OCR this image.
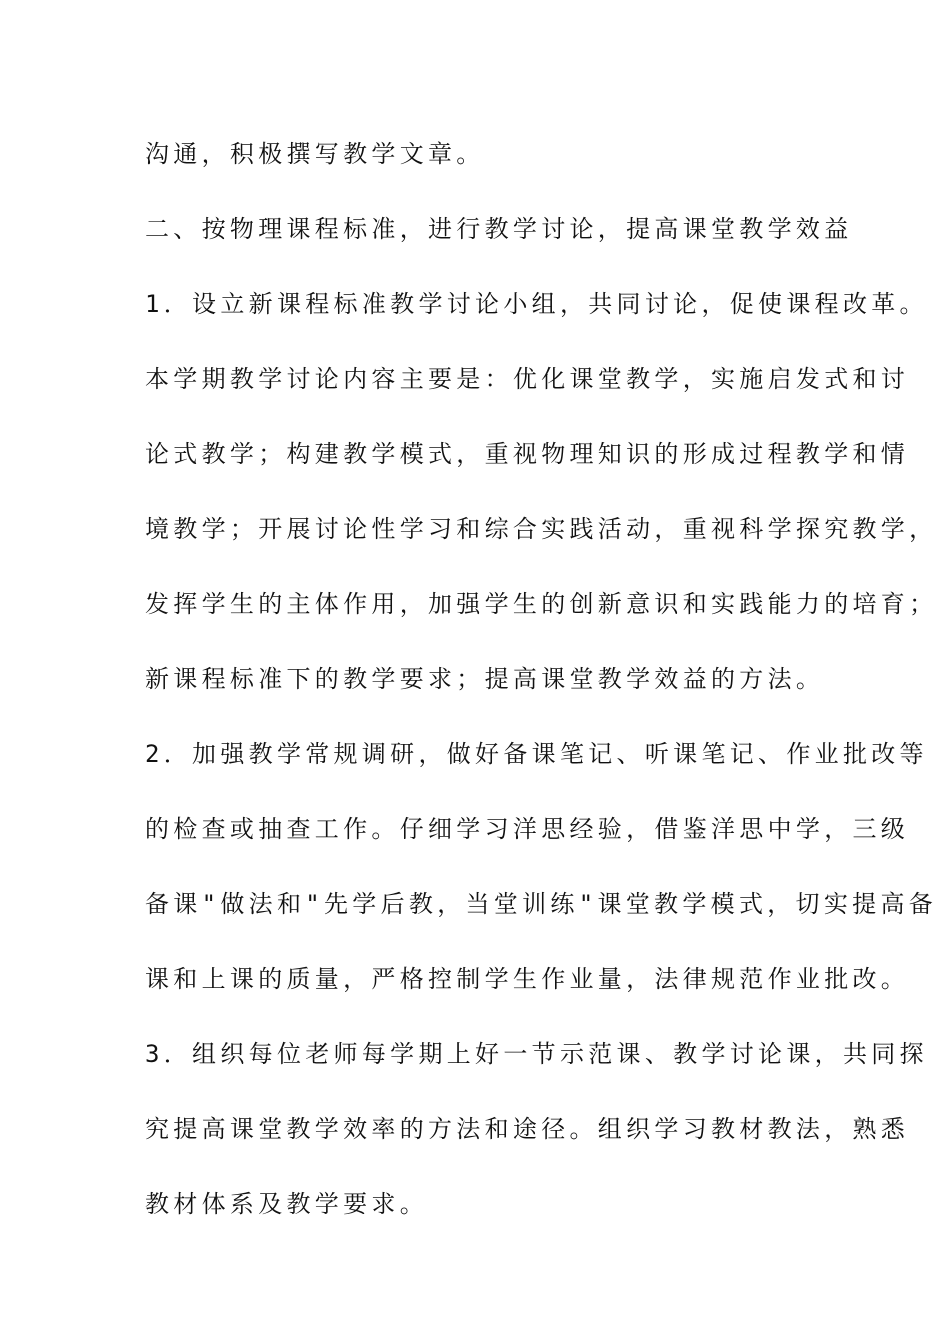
沟通，积极撰写教学文章。
二、按物理课程标准，进行教学讨论，提高课堂教学效益
1．设立新课程标准教学讨论小组，共同讨论，促使课程改革。
本学期教学讨论内容主要是：优化课堂教学，实施启发式和讨
论式教学；构建教学模式，重视物理知识的形成过程教学和情
境教学；开展讨论性学习和综合实践活动，重视科学探究教学，
发挥学生的主体作用，加强学生的创新意识和实践能力的培育；
新课程标准下的教学要求；提高课堂教学效益的方法。
2．加强教学常规调研，做好备课笔记、听课笔记、作业批改等
的检查或抽查工作。仔细学习洋思经验，借鉴洋思中学，三级
备课"做法和"先学后教，当堂训练"课堂教学模式，切实提高备
课和上课的质量，严格控制学生作业量，法律规范作业批改。
3．组织每位老师每学期上好一节示范课、教学讨论课，共同探
究提高课堂教学效率的方法和途径。组织学习教材教法，熟悉
教材体系及教学要求。
